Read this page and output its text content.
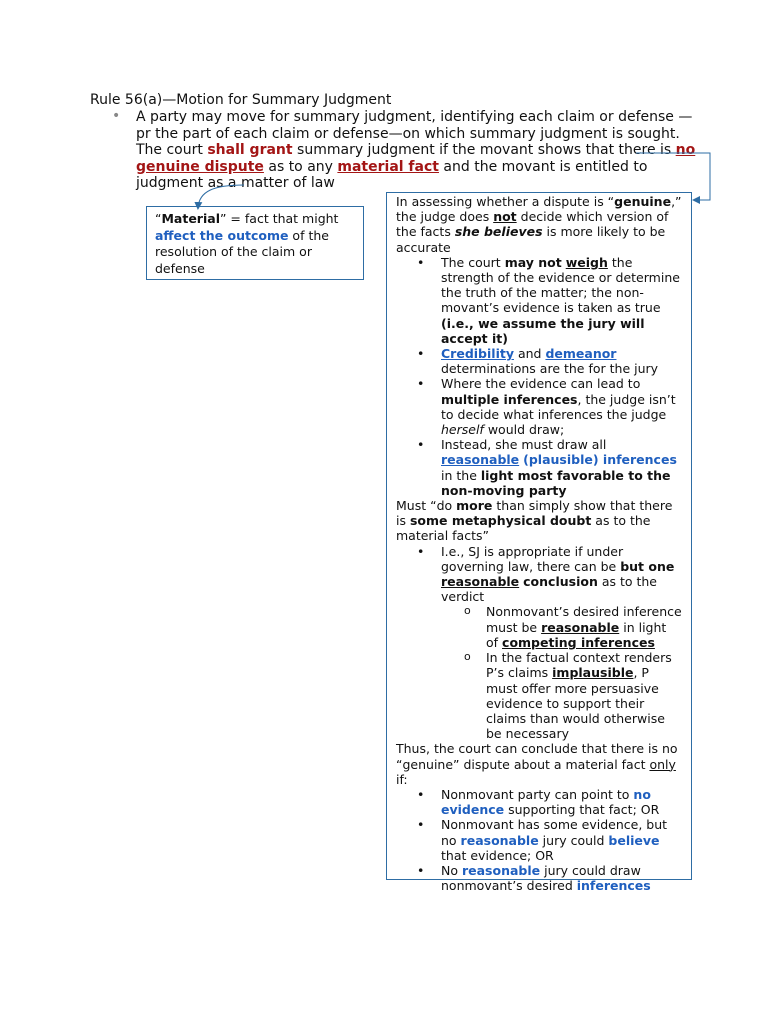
Rule 56(a)—Motion for Summary Judgment
• A party may move for summary judgment, identifying each claim or defense —pr the part of each claim or defense—on which summary judgment is sought. The court shall grant summary judgment if the movant shows that there is no genuine dispute as to any material fact and the movant is entitled to judgment as a matter of law
“Material” = fact that might affect the outcome of the resolution of the claim or defense

In assessing whether a dispute is “genuine,” the judge does not decide which version of the facts she believes is more likely to be accurate

• The court may not weigh the strength of the evidence or determine the truth of the matter; the non-movant’s evidence is taken as true (i.e., we assume the jury will accept it)
• Credibility and demeanor determinations are the for the jury
• Where the evidence can lead to multiple inferences, the judge isn’t to decide what inferences the judge herself would draw;
• Instead, she must draw all reasonable (plausible) inferences in the light most favorable to the non-moving party

Must “do more than simply show that there is some metaphysical doubt as to the material facts”

• I.e., SJ is appropriate if under governing law, there can be but one reasonable conclusion as to the verdict
o Nonmovant’s desired inference must be reasonable in light of competing inferences
o In the factual context renders P’s claims implausible, P must offer more persuasive evidence to support their claims than would otherwise be necessary

Thus, the court can conclude that there is no “genuine” dispute about a material fact only if:

• Nonmovant party can point to no evidence supporting that fact; OR
• Nonmovant has some evidence, but no reasonable jury could believe that evidence; OR
• No reasonable jury could draw nonmovant’s desired inferences
